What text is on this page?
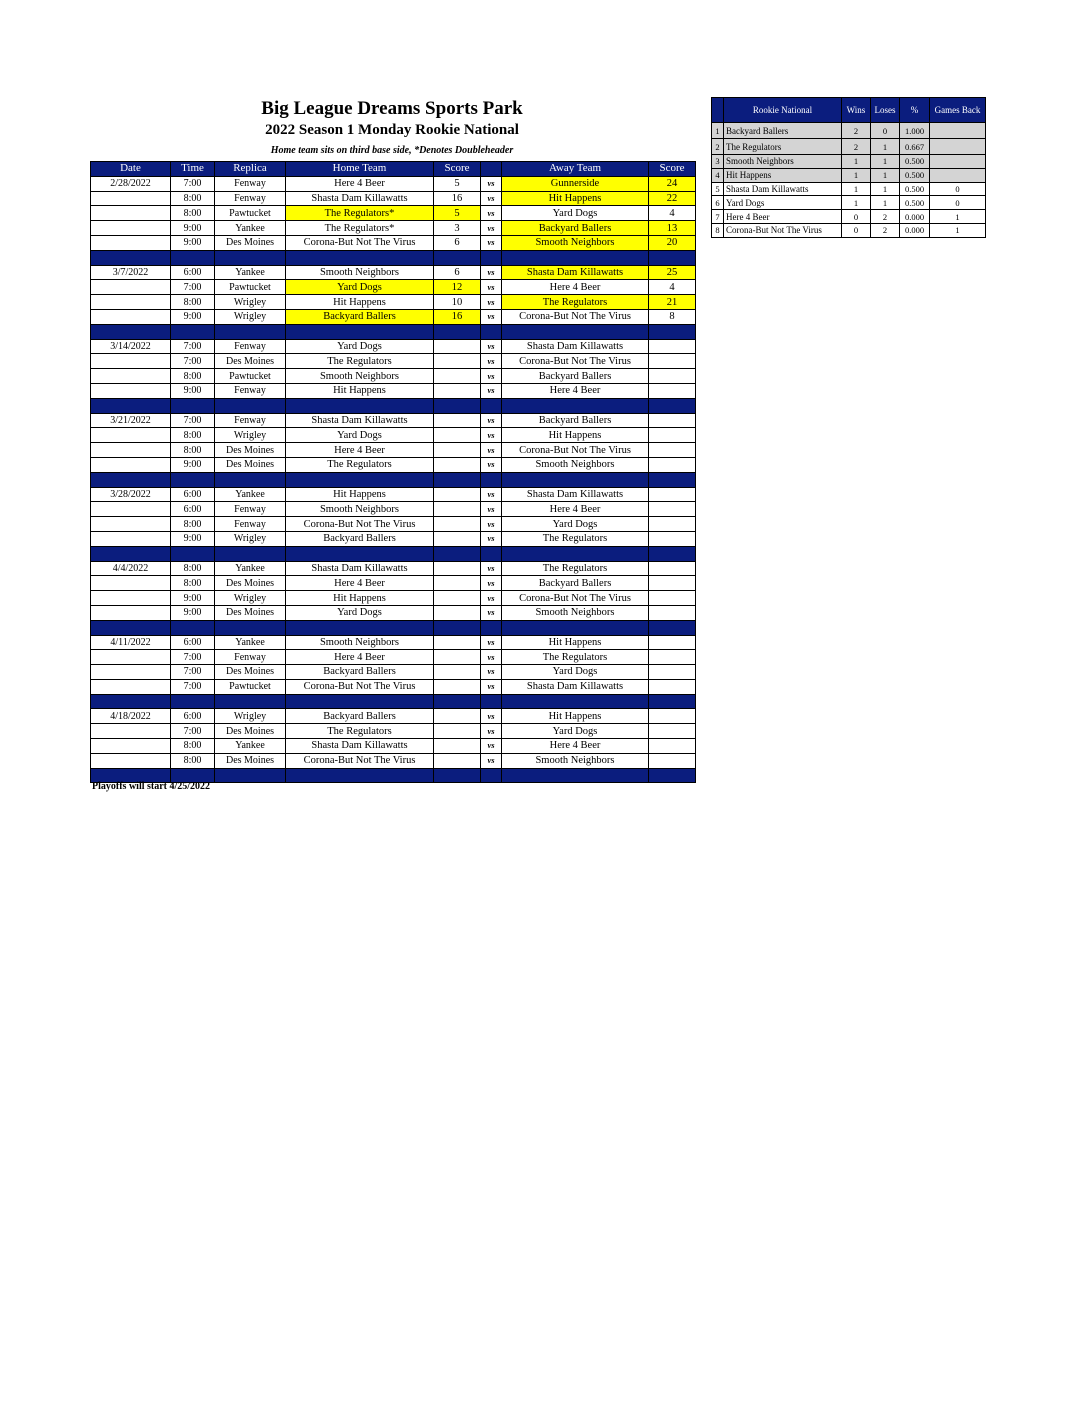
Big League Dreams Sports Park
2022 Season 1 Monday Rookie National
Home team sits on third base side, *Denotes Doubleheader
Date	Time	Replica	Home Team	Score		Away Team	Score
2/28/2022	7:00	Fenway	Here 4 Beer	5	vs	Gunnerside	24
	8:00	Fenway	Shasta Dam Killawatts	16	vs	Hit Happens	22
	8:00	Pawtucket	The Regulators*	5	vs	Yard Dogs	4
	9:00	Yankee	The Regulators*	3	vs	Backyard Ballers	13
	9:00	Des Moines	Corona-But Not The Virus	6	vs	Smooth Neighbors	20

3/7/2022	6:00	Yankee	Smooth Neighbors	6	vs	Shasta Dam Killawatts	25
	7:00	Pawtucket	Yard Dogs	12	vs	Here 4 Beer	4
	8:00	Wrigley	Hit Happens	10	vs	The Regulators	21
	9:00	Wrigley	Backyard Ballers	16	vs	Corona-But Not The Virus	8

3/14/2022	7:00	Fenway	Yard Dogs		vs	Shasta Dam Killawatts	
	7:00	Des Moines	The Regulators		vs	Corona-But Not The Virus	
	8:00	Pawtucket	Smooth Neighbors		vs	Backyard Ballers	
	9:00	Fenway	Hit Happens		vs	Here 4 Beer	

3/21/2022	7:00	Fenway	Shasta Dam Killawatts		vs	Backyard Ballers	
	8:00	Wrigley	Yard Dogs		vs	Hit Happens	
	8:00	Des Moines	Here 4 Beer		vs	Corona-But Not The Virus	
	9:00	Des Moines	The Regulators		vs	Smooth Neighbors	

3/28/2022	6:00	Yankee	Hit Happens		vs	Shasta Dam Killawatts	
	6:00	Fenway	Smooth Neighbors		vs	Here 4 Beer	
	8:00	Fenway	Corona-But Not The Virus		vs	Yard Dogs	
	9:00	Wrigley	Backyard Ballers		vs	The Regulators	

4/4/2022	8:00	Yankee	Shasta Dam Killawatts		vs	The Regulators	
	8:00	Des Moines	Here 4 Beer		vs	Backyard Ballers	
	9:00	Wrigley	Hit Happens		vs	Corona-But Not The Virus	
	9:00	Des Moines	Yard Dogs		vs	Smooth Neighbors	

4/11/2022	6:00	Yankee	Smooth Neighbors		vs	Hit Happens	
	7:00	Fenway	Here 4 Beer		vs	The Regulators	
	7:00	Des Moines	Backyard Ballers		vs	Yard Dogs	
	7:00	Pawtucket	Corona-But Not The Virus		vs	Shasta Dam Killawatts	

4/18/2022	6:00	Wrigley	Backyard Ballers		vs	Hit Happens	
	7:00	Des Moines	The Regulators		vs	Yard Dogs	
	8:00	Yankee	Shasta Dam Killawatts		vs	Here 4 Beer	
	8:00	Des Moines	Corona-But Not The Virus		vs	Smooth Neighbors	

Playoffs will start 4/25/2022
	Rookie National	Wins	Loses	%	Games Back
1	Backyard Ballers	2	0	1.000	
2	The Regulators	2	1	0.667	
3	Smooth Neighbors	1	1	0.500	
4	Hit Happens	1	1	0.500	
5	Shasta Dam Killawatts	1	1	0.500	0
6	Yard Dogs	1	1	0.500	0
7	Here 4 Beer	0	2	0.000	1
8	Corona-But Not The Virus	0	2	0.000	1
